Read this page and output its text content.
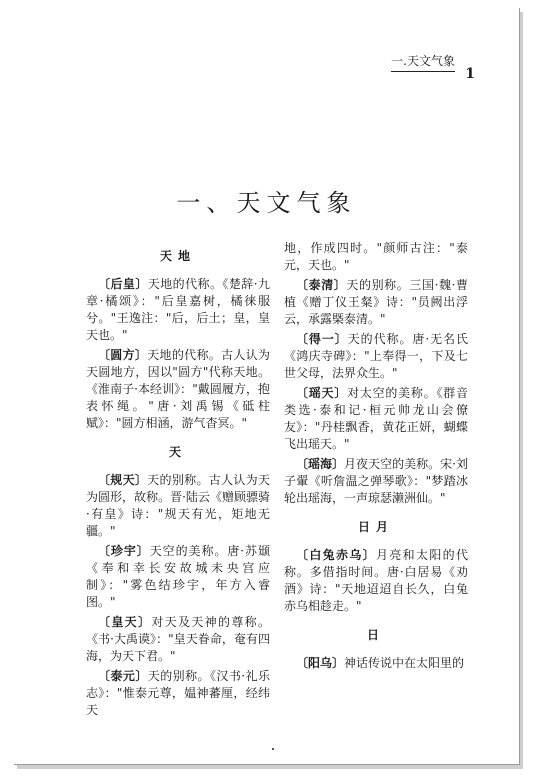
一.天文气象
1
一、天文气象
天地

〔后皇〕天地的代称。《楚辞·九章·橘颂》："后皇嘉树，橘徕服兮。"王逸注："后，后土；皇，皇天也。"

〔圆方〕天地的代称。古人认为天圆地方，因以"圆方"代称天地。《淮南子·本经训》："戴圆履方，抱表怀绳。"唐·刘禹锡《砥柱赋》："圆方相涵，游气杳冥。"

天

〔规天〕天的别称。古人认为天为圆形，故称。晋·陆云《赠顾骠骑·有皇》诗："规天有光，矩地无疆。"

〔珍宇〕天空的美称。唐·苏颋《奉和幸长安故城未央宫应制》："雾色结珍宇，年方入睿图。"

〔皇天〕对天及天神的尊称。《书·大禹谟》："皇天眷命，奄有四海，为天下君。"

〔泰元〕天的别称。《汉书·礼乐志》："惟泰元尊，媪神蕃厘，经纬天

地，作成四时。"颜师古注："泰元，天也。"

〔泰清〕天的别称。三国·魏·曹植《赠丁仪王粲》诗："员阙出浮云，承露槩泰清。"

〔得一〕天的代称。唐·无名氏《鸿庆寺碑》："上奉得一，下及七世父母，法界众生。"

〔瑶天〕对太空的美称。《群音类选·泰和记·桓元帅龙山会僚友》："丹桂飘香，黄花正妍，蝴蝶飞出瑶天。"

〔瑶海〕月夜天空的美称。宋·刘子翬《听詹温之弹琴歌》："梦踏冰轮出瑶海，一声琼瑟濑洲仙。"

日月

〔白兔赤乌〕月亮和太阳的代称。多借指时间。唐·白居易《劝酒》诗："天地迢迢自长久，白兔赤乌相趁走。"

日

〔阳乌〕神话传说中在太阳里的
